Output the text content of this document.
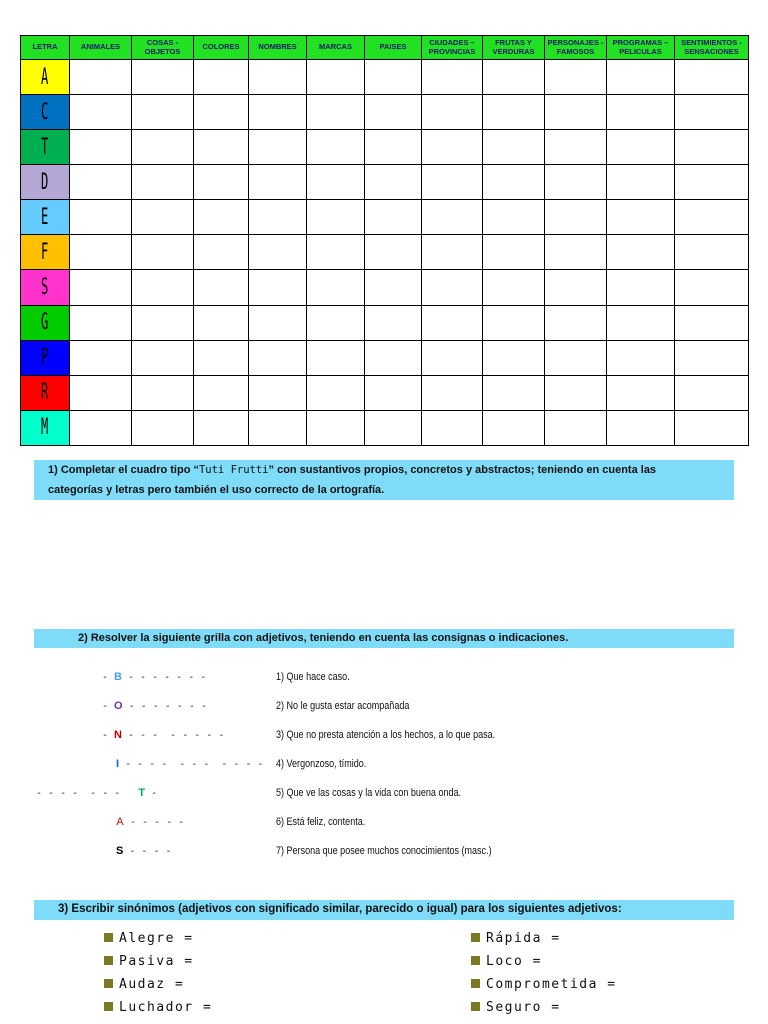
LETRA	ANIMALES	COSAS - OBJETOS	COLORES	NOMBRES	MARCAS	PAISES	CIUDADES – PROVINCIAS	FRUTAS Y VERDURAS	PERSONAJES - FAMOSOS	PROGRAMAS – PELICULAS	SENTIMIENTOS - SENSACIONES
A											
C											
T											
D											
E											
F											
S											
G											
P											
R											
M											
1) Completar el cuadro tipo “Tuti Frutti” con sustantivos propios, concretos y abstractos; teniendo en cuenta las
categorías y letras pero también el uso correcto de la ortografía.
2) Resolver la siguiente grilla con adjetivos, teniendo en cuenta las consignas o indicaciones.
- B - - - - - - -	1) Que hace caso.
- O - - - - - - -	2) No le gusta estar acompañada
- N - - -  - - - - -	3) Que no presta atención a los hechos, a lo que pasa.
I - - - -  - - -  - - - - 4) Vergonzoso, tímido.
- - - -  - - -   T -	5) Que ve las cosas y la vida con buena onda.
A - - - - -	6) Está feliz, contenta.
S - - - -	7) Persona que posee muchos conocimientos (masc.)
3) Escribir sinónimos (adjetivos con significado similar, parecido o igual) para los siguientes adjetivos:
Alegre =
Pasiva =
Audaz =
Luchador =
Rápida =
Loco =
Comprometida =
Seguro =
